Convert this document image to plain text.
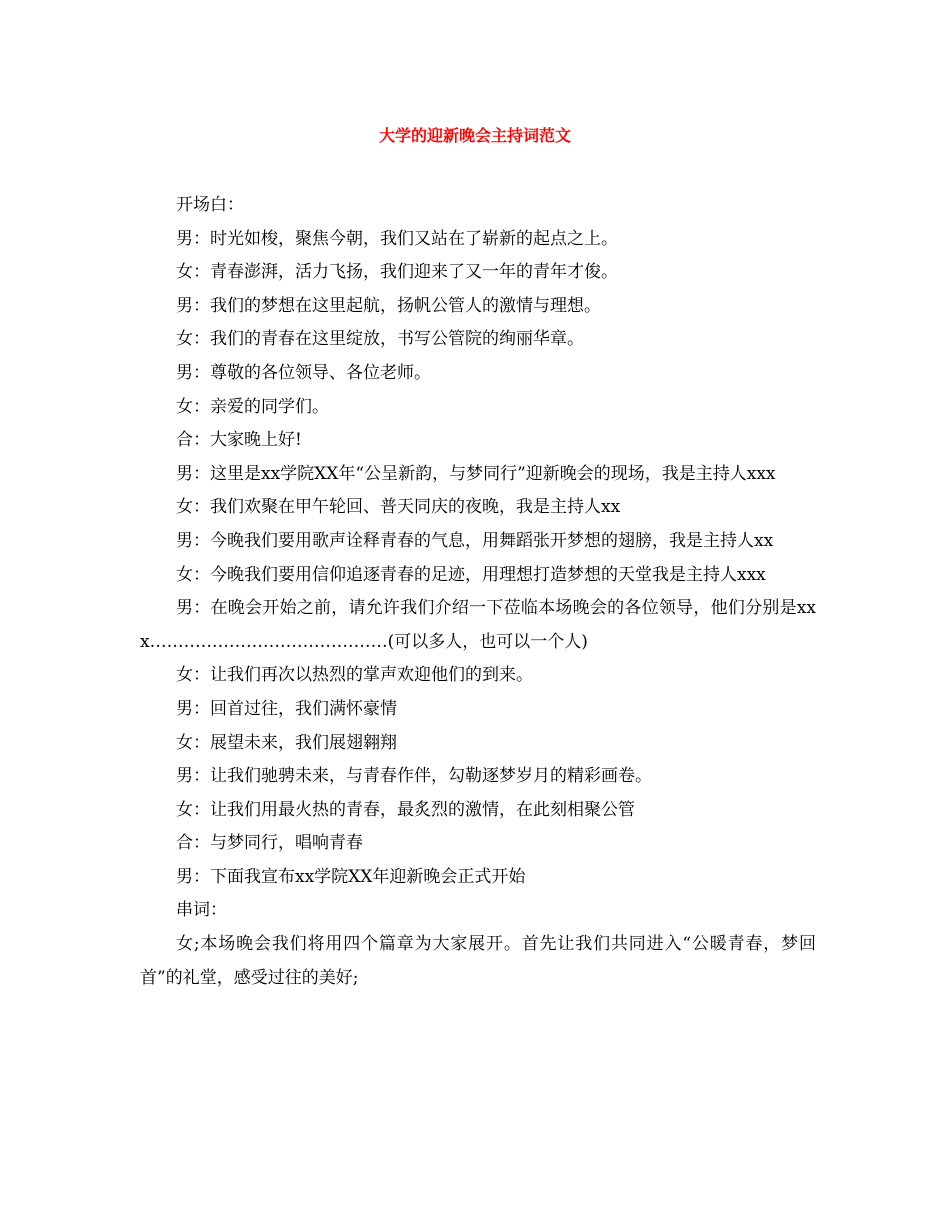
大学的迎新晚会主持词范文

开场白：

男：时光如梭，聚焦今朝，我们又站在了崭新的起点之上。

女：青春澎湃，活力飞扬，我们迎来了又一年的青年才俊。

男：我们的梦想在这里起航，扬帆公管人的激情与理想。

女：我们的青春在这里绽放，书写公管院的绚丽华章。

男：尊敬的各位领导、各位老师。

女：亲爱的同学们。

合：大家晚上好!

男：这里是xx学院XX年“公呈新韵，与梦同行”迎新晚会的现场，我是主持人xxx

女：我们欢聚在甲午轮回、普天同庆的夜晚，我是主持人xx

男：今晚我们要用歌声诠释青春的气息，用舞蹈张开梦想的翅膀，我是主持人xx

女：今晚我们要用信仰追逐青春的足迹，用理想打造梦想的天堂我是主持人xxx

男：在晚会开始之前，请允许我们介绍一下莅临本场晚会的各位领导，他们分别是xxx……………………………………(可以多人，也可以一个人)

女：让我们再次以热烈的掌声欢迎他们的到来。

男：回首过往，我们满怀豪情

女：展望未来，我们展翅翱翔

男：让我们驰骋未来，与青春作伴，勾勒逐梦岁月的精彩画卷。

女：让我们用最火热的青春，最炙烈的激情，在此刻相聚公管

合：与梦同行，唱响青春

男：下面我宣布xx学院XX年迎新晚会正式开始

串词：

女;本场晚会我们将用四个篇章为大家展开。首先让我们共同进入“公暖青春，梦回首”的礼堂，感受过往的美好;
